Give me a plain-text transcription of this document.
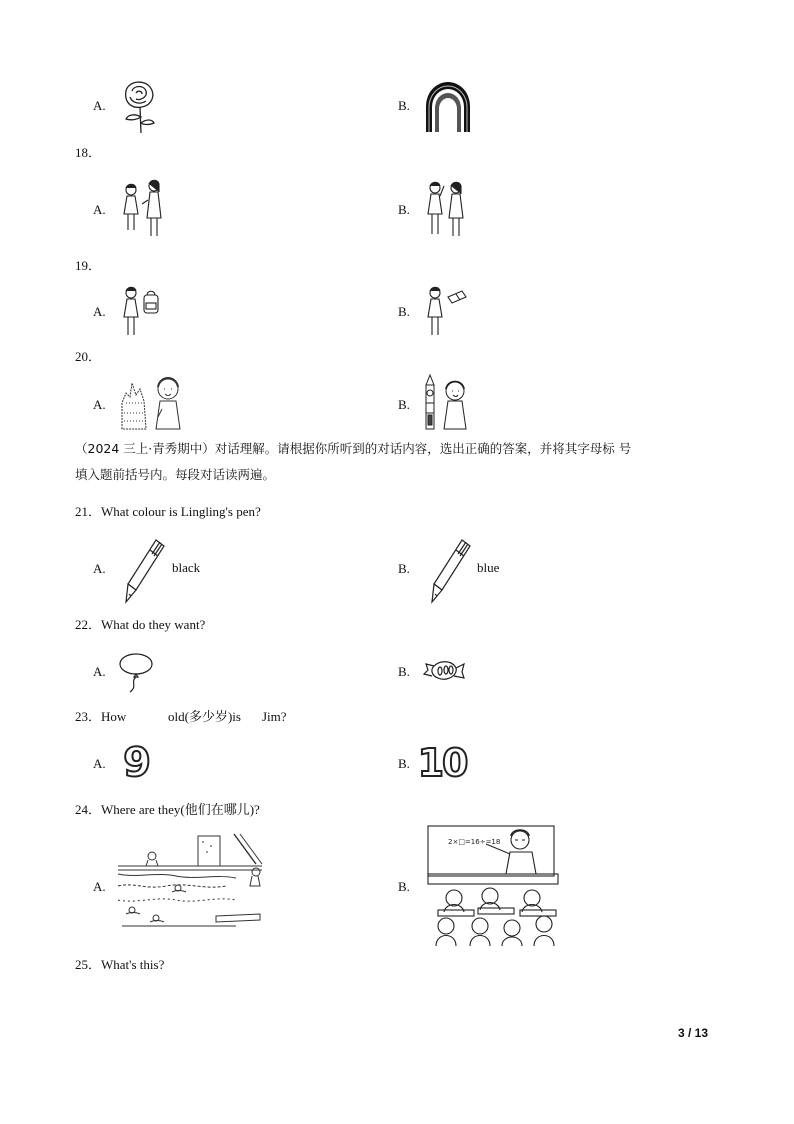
A.	B.
18．
A.	B.
19．
A.	B.
20．
A.	B.
（2024 三上·青秀期中）对话理解。请根据你所听到的对话内容，选出正确的答案，并将其字母标 号
填入题前括号内。每段对话读两遍。
21．What colour is Lingling's pen?
A.	black	B.	blue
22．What do they want?
A.	B.
23．How	old(多少岁)is Jim?
A. 9	B. 10
24．Where are they(他们在哪儿)?
A.	B.
2×□=16÷=18
25．What's this?
3 / 13
